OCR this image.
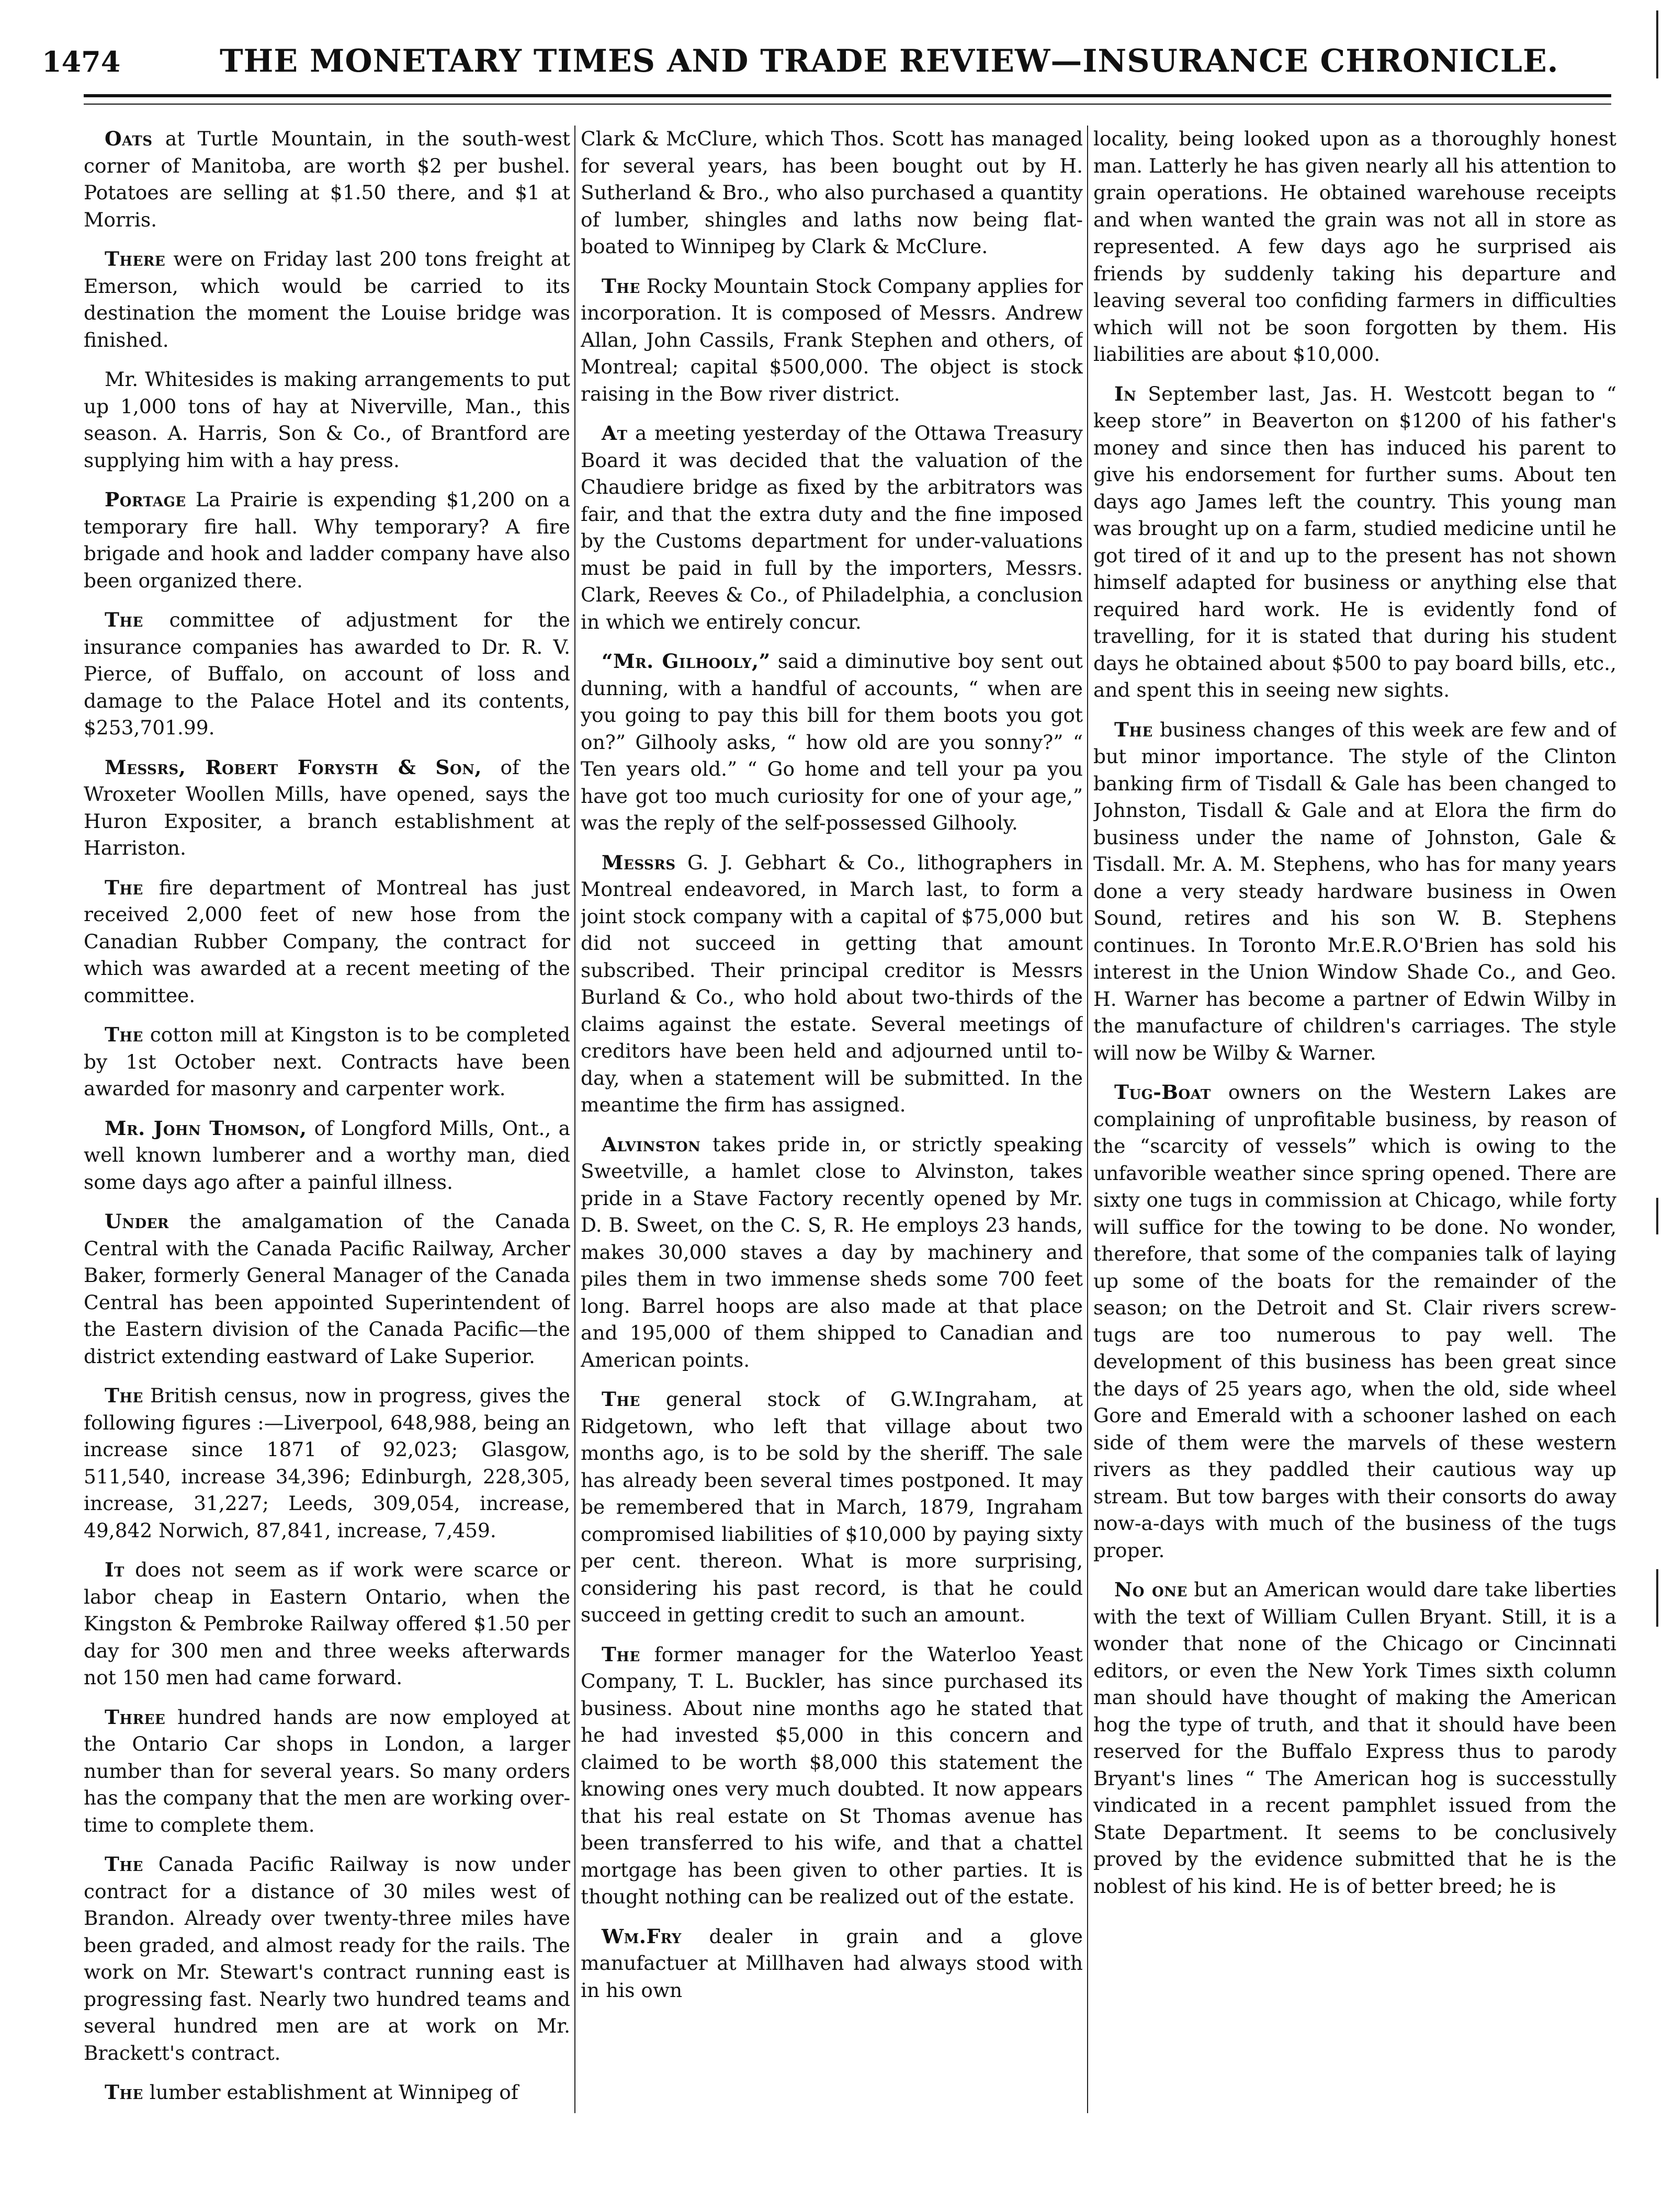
1474	THE MONETARY TIMES AND TRADE REVIEW—INSURANCE CHRONICLE.

Oats at Turtle Mountain, in the south-west corner of Manitoba, are worth $2 per bushel. Potatoes are selling at $1.50 there, and $1 at Morris.

There were on Friday last 200 tons freight at Emerson, which would be carried to its destination the moment the Louise bridge was finished.

Mr. Whitesides is making arrangements to put up 1,000 tons of hay at Niverville, Man., this season. A. Harris, Son & Co., of Brantford are supplying him with a hay press.

Portage La Prairie is expending $1,200 on a temporary fire hall. Why temporary? A fire brigade and hook and ladder company have also been organized there.

The committee of adjustment for the insurance companies has awarded to Dr. R. V. Pierce, of Buffalo, on account of loss and damage to the Palace Hotel and its contents, $253,701.99.

Messrs, Robert Forysth & Son, of the Wroxeter Woollen Mills, have opened, says the Huron Expositer, a branch establishment at Harriston.

The fire department of Montreal has just received 2,000 feet of new hose from the Canadian Rubber Company, the contract for which was awarded at a recent meeting of the committee.

The cotton mill at Kingston is to be completed by 1st October next. Contracts have been awarded for masonry and carpenter work.

Mr. John Thomson, of Longford Mills, Ont., a well known lumberer and a worthy man, died some days ago after a painful illness.

Under the amalgamation of the Canada Central with the Canada Pacific Railway, Archer Baker, formerly General Manager of the Canada Central has been appointed Superintendent of the Eastern division of the Canada Pacific—the district extending eastward of Lake Superior.

The British census, now in progress, gives the following figures :—Liverpool, 648,988, being an increase since 1871 of 92,023; Glasgow, 511,540, increase 34,396; Edinburgh, 228,305, increase, 31,227; Leeds, 309,054, increase, 49,842 Norwich, 87,841, increase, 7,459.

It does not seem as if work were scarce or labor cheap in Eastern Ontario, when the Kingston & Pembroke Railway offered $1.50 per day for 300 men and three weeks afterwards not 150 men had came forward.

Three hundred hands are now employed at the Ontario Car shops in London, a larger number than for several years. So many orders has the company that the men are working over-time to complete them.

The Canada Pacific Railway is now under contract for a distance of 30 miles west of Brandon. Already over twenty-three miles have been graded, and almost ready for the rails. The work on Mr. Stewart's contract running east is progressing fast. Nearly two hundred teams and several hundred men are at work on Mr. Brackett's contract.

The lumber establishment at Winnipeg of

Clark & McClure, which Thos. Scott has managed for several years, has been bought out by H. Sutherland & Bro., who also purchased a quantity of lumber, shingles and laths now being flat-boated to Winnipeg by Clark & McClure.

The Rocky Mountain Stock Company applies for incorporation. It is composed of Messrs. Andrew Allan, John Cassils, Frank Stephen and others, of Montreal; capital $500,000. The object is stock raising in the Bow river district.

At a meeting yesterday of the Ottawa Treasury Board it was decided that the valuation of the Chaudiere bridge as fixed by the arbitrators was fair, and that the extra duty and the fine imposed by the Customs department for under-valuations must be paid in full by the importers, Messrs. Clark, Reeves & Co., of Philadelphia, a conclusion in which we entirely concur.

“Mr. Gilhooly,” said a diminutive boy sent out dunning, with a handful of accounts, “ when are you going to pay this bill for them boots you got on?” Gilhooly asks, “ how old are you sonny?” “ Ten years old.” “ Go home and tell your pa you have got too much curiosity for one of your age,” was the reply of the self-possessed Gilhooly.

Messrs G. J. Gebhart & Co., lithographers in Montreal endeavored, in March last, to form a joint stock company with a capital of $75,000 but did not succeed in getting that amount subscribed. Their principal creditor is Messrs Burland & Co., who hold about two-thirds of the claims against the estate. Several meetings of creditors have been held and adjourned until to-day, when a statement will be submitted. In the meantime the firm has assigned.

Alvinston takes pride in, or strictly speaking Sweetville, a hamlet close to Alvinston, takes pride in a Stave Factory recently opened by Mr. D. B. Sweet, on the C. S, R. He employs 23 hands, makes 30,000 staves a day by machinery and piles them in two immense sheds some 700 feet long. Barrel hoops are also made at that place and 195,000 of them shipped to Canadian and American points.

The general stock of G.W.Ingraham, at Ridgetown, who left that village about two months ago, is to be sold by the sheriff. The sale has already been several times postponed. It may be remembered that in March, 1879, Ingraham compromised liabilities of $10,000 by paying sixty per cent. thereon. What is more surprising, considering his past record, is that he could succeed in getting credit to such an amount.

The former manager for the Waterloo Yeast Company, T. L. Buckler, has since purchased its business. About nine months ago he stated that he had invested $5,000 in this concern and claimed to be worth $8,000 this statement the knowing ones very much doubted. It now appears that his real estate on St Thomas avenue has been transferred to his wife, and that a chattel mortgage has been given to other parties. It is thought nothing can be realized out of the estate.

Wm.Fry dealer in grain and a glove manufactuer at Millhaven had always stood with in his own

locality, being looked upon as a thoroughly honest man. Latterly he has given nearly all his attention to grain operations. He obtained warehouse receipts and when wanted the grain was not all in store as represented. A few days ago he surprised ais friends by suddenly taking his departure and leaving several too confiding farmers in difficulties which will not be soon forgotten by them. His liabilities are about $10,000.

In September last, Jas. H. Westcott began to “ keep store” in Beaverton on $1200 of his father's money and since then has induced his parent to give his endorsement for further sums. About ten days ago James left the country. This young man was brought up on a farm, studied medicine until he got tired of it and up to the present has not shown himself adapted for business or anything else that required hard work. He is evidently fond of travelling, for it is stated that during his student days he obtained about $500 to pay board bills, etc., and spent this in seeing new sights.

The business changes of this week are few and of but minor importance. The style of the Clinton banking firm of Tisdall & Gale has been changed to Johnston, Tisdall & Gale and at Elora the firm do business under the name of Johnston, Gale & Tisdall. Mr. A. M. Stephens, who has for many years done a very steady hardware business in Owen Sound, retires and his son W. B. Stephens continues. In Toronto Mr.E.R.O'Brien has sold his interest in the Union Window Shade Co., and Geo. H. Warner has become a partner of Edwin Wilby in the manufacture of children's carriages. The style will now be Wilby & Warner.

Tug-Boat owners on the Western Lakes are complaining of unprofitable business, by reason of the “scarcity of vessels” which is owing to the unfavorible weather since spring opened. There are sixty one tugs in commission at Chicago, while forty will suffice for the towing to be done. No wonder, therefore, that some of the companies talk of laying up some of the boats for the remainder of the season; on the Detroit and St. Clair rivers screw-tugs are too numerous to pay well. The development of this business has been great since the days of 25 years ago, when the old, side wheel Gore and Emerald with a schooner lashed on each side of them were the marvels of these western rivers as they paddled their cautious way up stream. But tow barges with their consorts do away now-a-days with much of the business of the tugs proper.

No one but an American would dare take liberties with the text of William Cullen Bryant. Still, it is a wonder that none of the Chicago or Cincinnati editors, or even the New York Times sixth column man should have thought of making the American hog the type of truth, and that it should have been reserved for the Buffalo Express thus to parody Bryant's lines “ The American hog is successtully vindicated in a recent pamphlet issued from the State Department. It seems to be conclusively proved by the evidence submitted that he is the noblest of his kind. He is of better breed; he is
